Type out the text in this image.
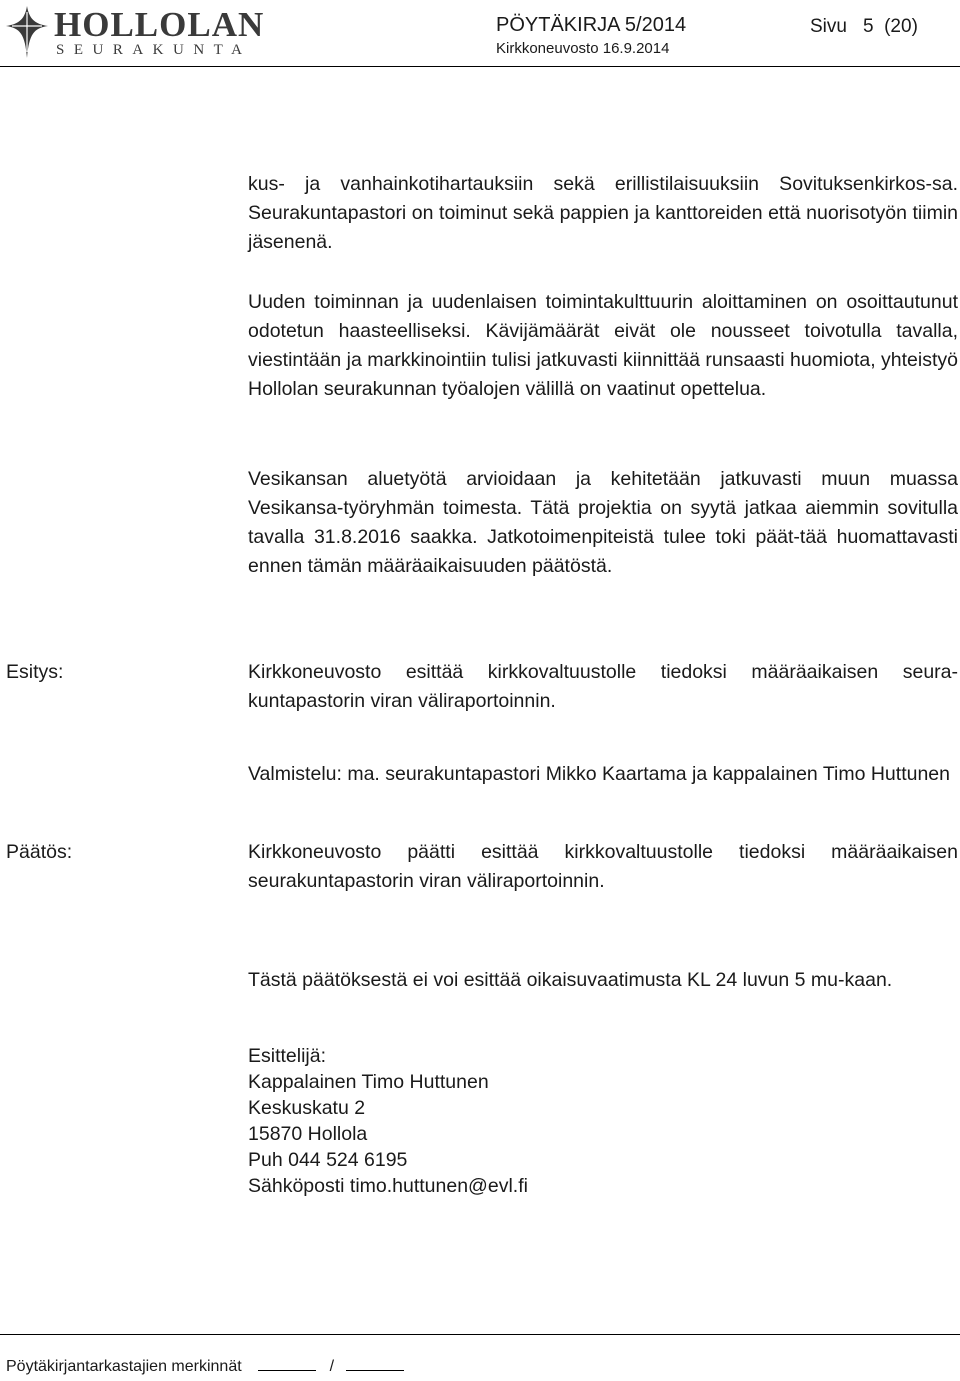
HOLLOLAN
SEURAKUNTA
PÖYTÄKIRJA 5/2014
Kirkkoneuvosto 16.9.2014
Sivu 5 (20)

kus- ja vanhainkotihartauksiin sekä erillistilaisuuksiin Sovituksenkirkos-sa. Seurakuntapastori on toiminut sekä pappien ja kanttoreiden että nuorisotyön tiimin jäsenenä.

Uuden toiminnan ja uudenlaisen toimintakulttuurin aloittaminen on osoittautunut odotetun haasteelliseksi. Kävijämäärät eivät ole nousseet toivotulla tavalla, viestintään ja markkinointiin tulisi jatkuvasti kiinnittää runsaasti huomiota, yhteistyö Hollolan seurakunnan työalojen välillä on vaatinut opettelua.

Vesikansan aluetyötä arvioidaan ja kehitetään jatkuvasti muun muassa Vesikansa-työryhmän toimesta. Tätä projektia on syytä jatkaa aiemmin sovitulla tavalla 31.8.2016 saakka. Jatkotoimenpiteistä tulee toki päät-tää huomattavasti ennen tämän määräaikaisuuden päätöstä.

Esitys:	Kirkkoneuvosto esittää kirkkovaltuustolle tiedoksi määräaikaisen seura-kuntapastorin viran väliraportoinnin.

Valmistelu: ma. seurakuntapastori Mikko Kaartama ja kappalainen Timo Huttunen

Päätös:	Kirkkoneuvosto päätti esittää kirkkovaltuustolle tiedoksi määräaikaisen seurakuntapastorin viran väliraportoinnin.

Tästä päätöksestä ei voi esittää oikaisuvaatimusta KL 24 luvun 5 mu-kaan.

Esittelijä:
Kappalainen Timo Huttunen
Keskuskatu 2
15870 Hollola
Puh 044 524 6195
Sähköposti timo.huttunen@evl.fi
Pöytäkirjantarkastajien merkinnät	/
